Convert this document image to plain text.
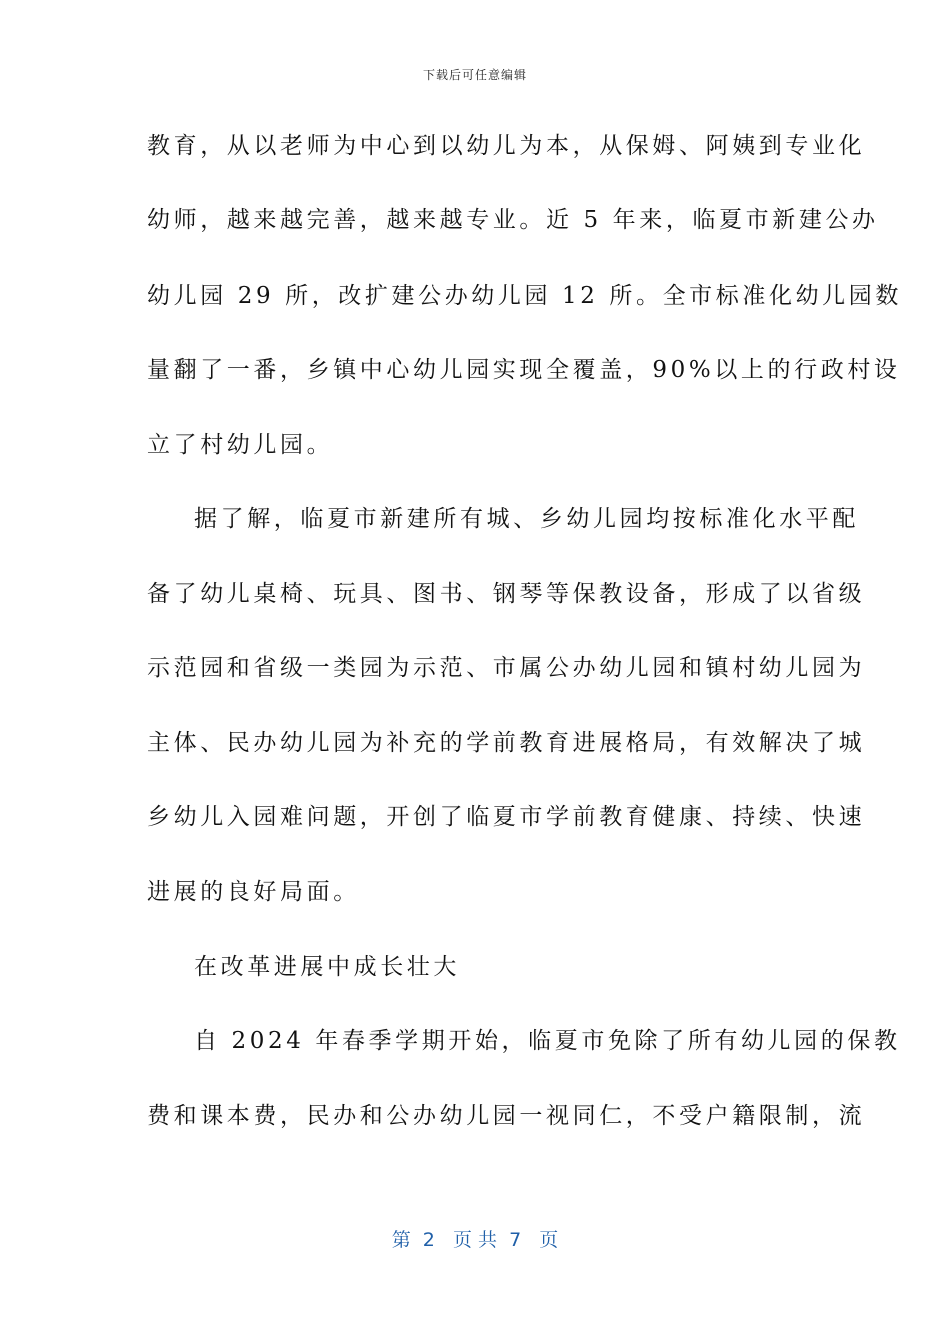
下载后可任意编辑
教育，从以老师为中心到以幼儿为本，从保姆、阿姨到专业化
幼师，越来越完善，越来越专业。近 5 年来，临夏市新建公办
幼儿园 29 所，改扩建公办幼儿园 12 所。全市标准化幼儿园数
量翻了一番，乡镇中心幼儿园实现全覆盖，90%以上的行政村设
立了村幼儿园。
据了解，临夏市新建所有城、乡幼儿园均按标准化水平配
备了幼儿桌椅、玩具、图书、钢琴等保教设备，形成了以省级
示范园和省级一类园为示范、市属公办幼儿园和镇村幼儿园为
主体、民办幼儿园为补充的学前教育进展格局，有效解决了城
乡幼儿入园难问题，开创了临夏市学前教育健康、持续、快速
进展的良好局面。
在改革进展中成长壮大
自 2024 年春季学期开始，临夏市免除了所有幼儿园的保教
费和课本费，民办和公办幼儿园一视同仁，不受户籍限制，流
第  2   页 共  7   页
